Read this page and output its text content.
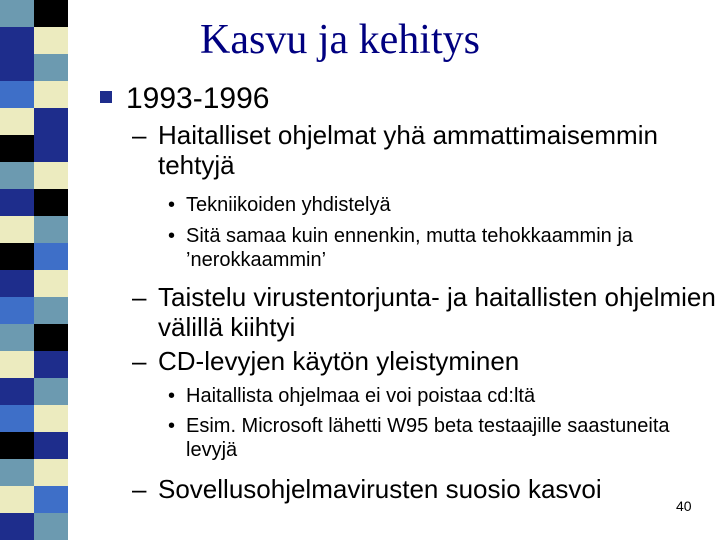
Kasvu ja kehitys
1993-1996
– Haitalliset ohjelmat yhä ammattimaisemmin tehtyjä
• Tekniikoiden yhdistelyä
• Sitä samaa kuin ennenkin, mutta tehokkaammin ja ’nerokkaammin’
– Taistelu virustentorjunta- ja haitallisten ohjelmien välillä kiihtyi
– CD-levyjen käytön yleistyminen
• Haitallista ohjelmaa ei voi poistaa cd:ltä
• Esim. Microsoft lähetti W95 beta testaajille saastuneita levyjä
– Sovellusohjelmavirusten suosio kasvoi
40
